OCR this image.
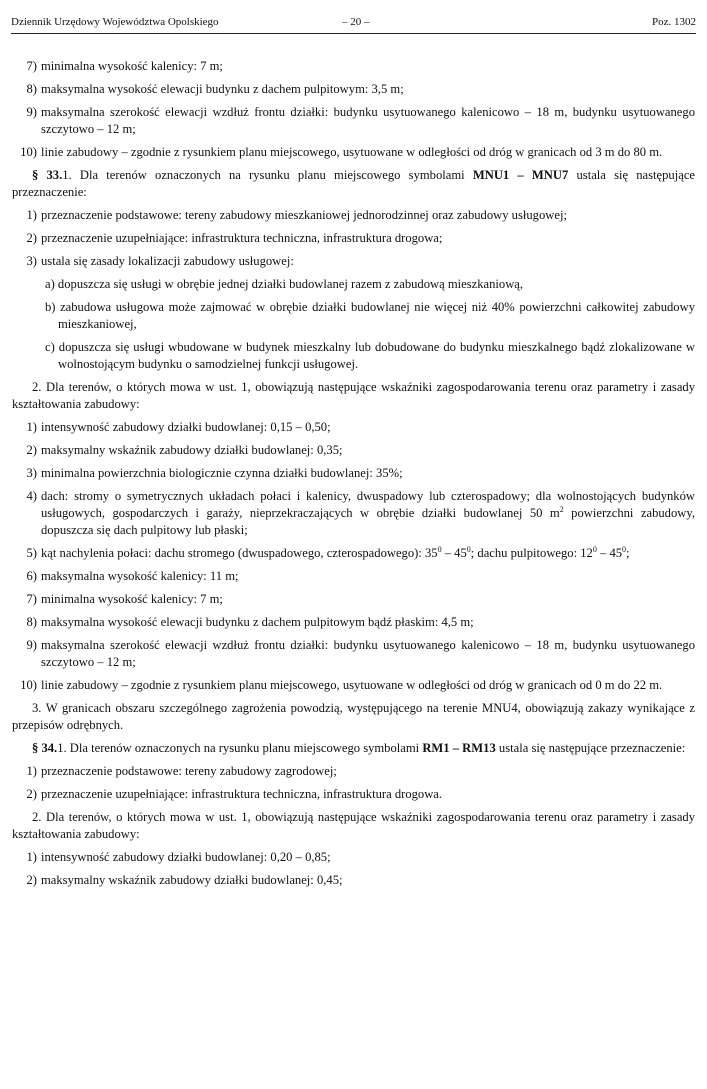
Dziennik Urzędowy Województwa Opolskiego	– 20 –	Poz. 1302
7) minimalna wysokość kalenicy: 7 m;
8) maksymalna wysokość elewacji budynku z dachem pulpitowym: 3,5 m;
9) maksymalna szerokość elewacji wzdłuż frontu działki: budynku usytuowanego kalenicowo – 18 m, budynku usytuowanego szczytowo – 12 m;
10) linie zabudowy – zgodnie z rysunkiem planu miejscowego, usytuowane w odległości od dróg w granicach od 3 m do 80 m.
§ 33.1. Dla terenów oznaczonych na rysunku planu miejscowego symbolami MNU1 – MNU7 ustala się następujące przeznaczenie:
1) przeznaczenie podstawowe: tereny zabudowy mieszkaniowej jednorodzinnej oraz zabudowy usługowej;
2) przeznaczenie uzupełniające: infrastruktura techniczna, infrastruktura drogowa;
3) ustala się zasady lokalizacji zabudowy usługowej:
a) dopuszcza się usługi w obrębie jednej działki budowlanej razem z zabudową mieszkaniową,
b) zabudowa usługowa może zajmować w obrębie działki budowlanej nie więcej niż 40% powierzchni całkowitej zabudowy mieszkaniowej,
c) dopuszcza się usługi wbudowane w budynek mieszkalny lub dobudowane do budynku mieszkalnego bądź zlokalizowane w wolnostojącym budynku o samodzielnej funkcji usługowej.
2. Dla terenów, o których mowa w ust. 1, obowiązują następujące wskaźniki zagospodarowania terenu oraz parametry i zasady kształtowania zabudowy:
1) intensywność zabudowy działki budowlanej: 0,15 – 0,50;
2) maksymalny wskaźnik zabudowy działki budowlanej: 0,35;
3) minimalna powierzchnia biologicznie czynna działki budowlanej: 35%;
4) dach: stromy o symetrycznych układach połaci i kalenicy, dwuspadowy lub czterospadowy; dla wolnostojących budynków usługowych, gospodarczych i garaży, nieprzekraczających w obrębie działki budowlanej 50 $m^2$ powierzchni zabudowy, dopuszcza się dach pulpitowy lub płaski;
5) kąt nachylenia połaci: dachu stromego (dwuspadowego, czterospadowego): $35^0 - 45^0$; dachu pulpitowego: $12^0 - 45^0$;
6) maksymalna wysokość kalenicy: 11 m;
7) minimalna wysokość kalenicy: 7 m;
8) maksymalna wysokość elewacji budynku z dachem pulpitowym bądź płaskim: 4,5 m;
9) maksymalna szerokość elewacji wzdłuż frontu działki: budynku usytuowanego kalenicowo – 18 m, budynku usytuowanego szczytowo – 12 m;
10) linie zabudowy – zgodnie z rysunkiem planu miejscowego, usytuowane w odległości od dróg w granicach od 0 m do 22 m.
3. W granicach obszaru szczególnego zagrożenia powodzią, występującego na terenie MNU4, obowiązują zakazy wynikające z przepisów odrębnych.
§ 34.1. Dla terenów oznaczonych na rysunku planu miejscowego symbolami RM1 – RM13 ustala się następujące przeznaczenie:
1) przeznaczenie podstawowe: tereny zabudowy zagrodowej;
2) przeznaczenie uzupełniające: infrastruktura techniczna, infrastruktura drogowa.
2. Dla terenów, o których mowa w ust. 1, obowiązują następujące wskaźniki zagospodarowania terenu oraz parametry i zasady kształtowania zabudowy:
1) intensywność zabudowy działki budowlanej: 0,20 – 0,85;
2) maksymalny wskaźnik zabudowy działki budowlanej: 0,45;
